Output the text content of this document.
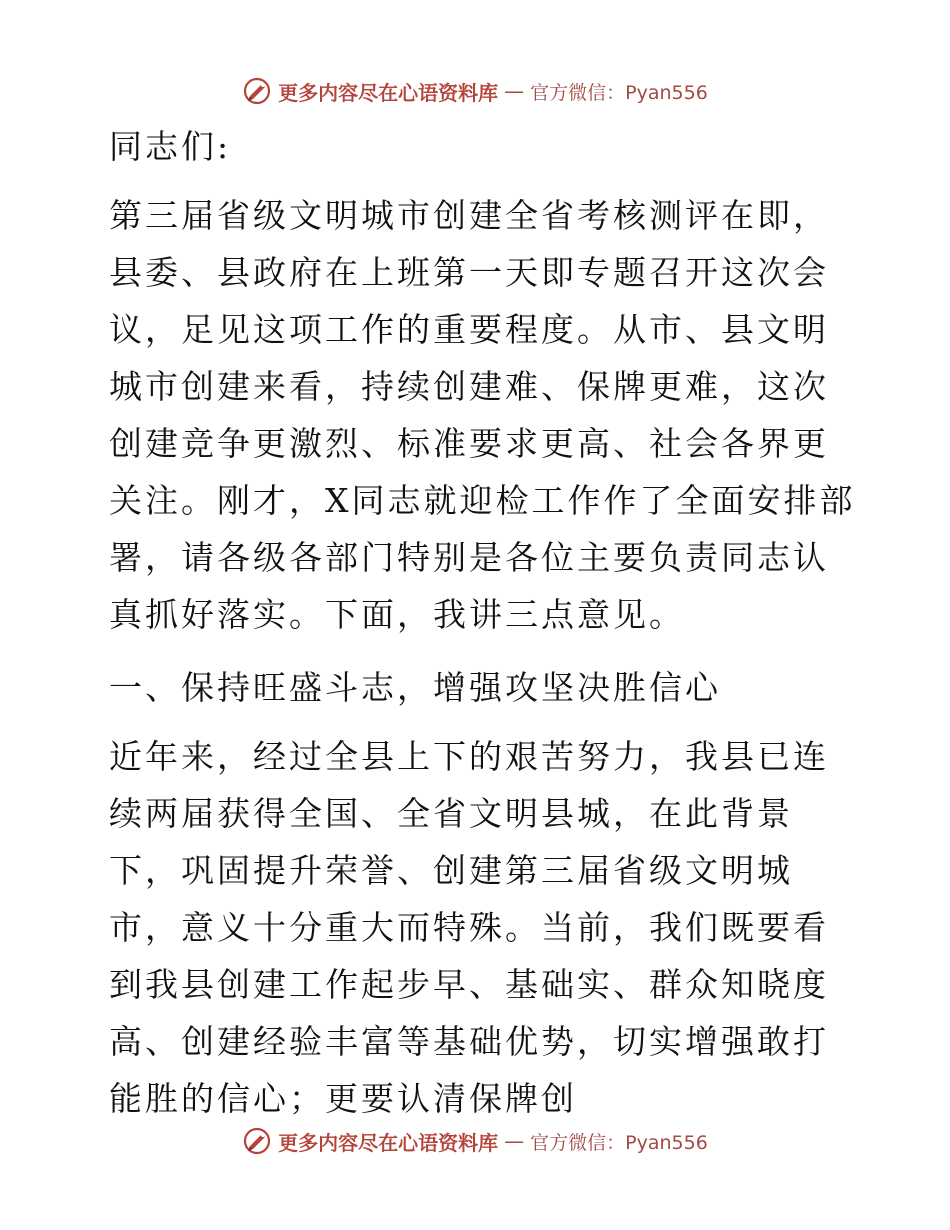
更多内容尽在心语资料库 — 官方微信：Pyan556

同志们:

第三届省级文明城市创建全省考核测评在即，县委、县政府在上班第一天即专题召开这次会议，足见这项工作的重要程度。从市、县文明城市创建来看，持续创建难、保牌更难，这次创建竞争更激烈、标准要求更高、社会各界更关注。刚才，X同志就迎检工作作了全面安排部署，请各级各部门特别是各位主要负责同志认真抓好落实。下面，我讲三点意见。

一、保持旺盛斗志，增强攻坚决胜信心

近年来，经过全县上下的艰苦努力，我县已连续两届获得全国、全省文明县城，在此背景下，巩固提升荣誉、创建第三届省级文明城市，意义十分重大而特殊。当前，我们既要看到我县创建工作起步早、基础实、群众知晓度高、创建经验丰富等基础优势，切实增强敢打能胜的信心；更要认清保牌创

更多内容尽在心语资料库 — 官方微信：Pyan556
